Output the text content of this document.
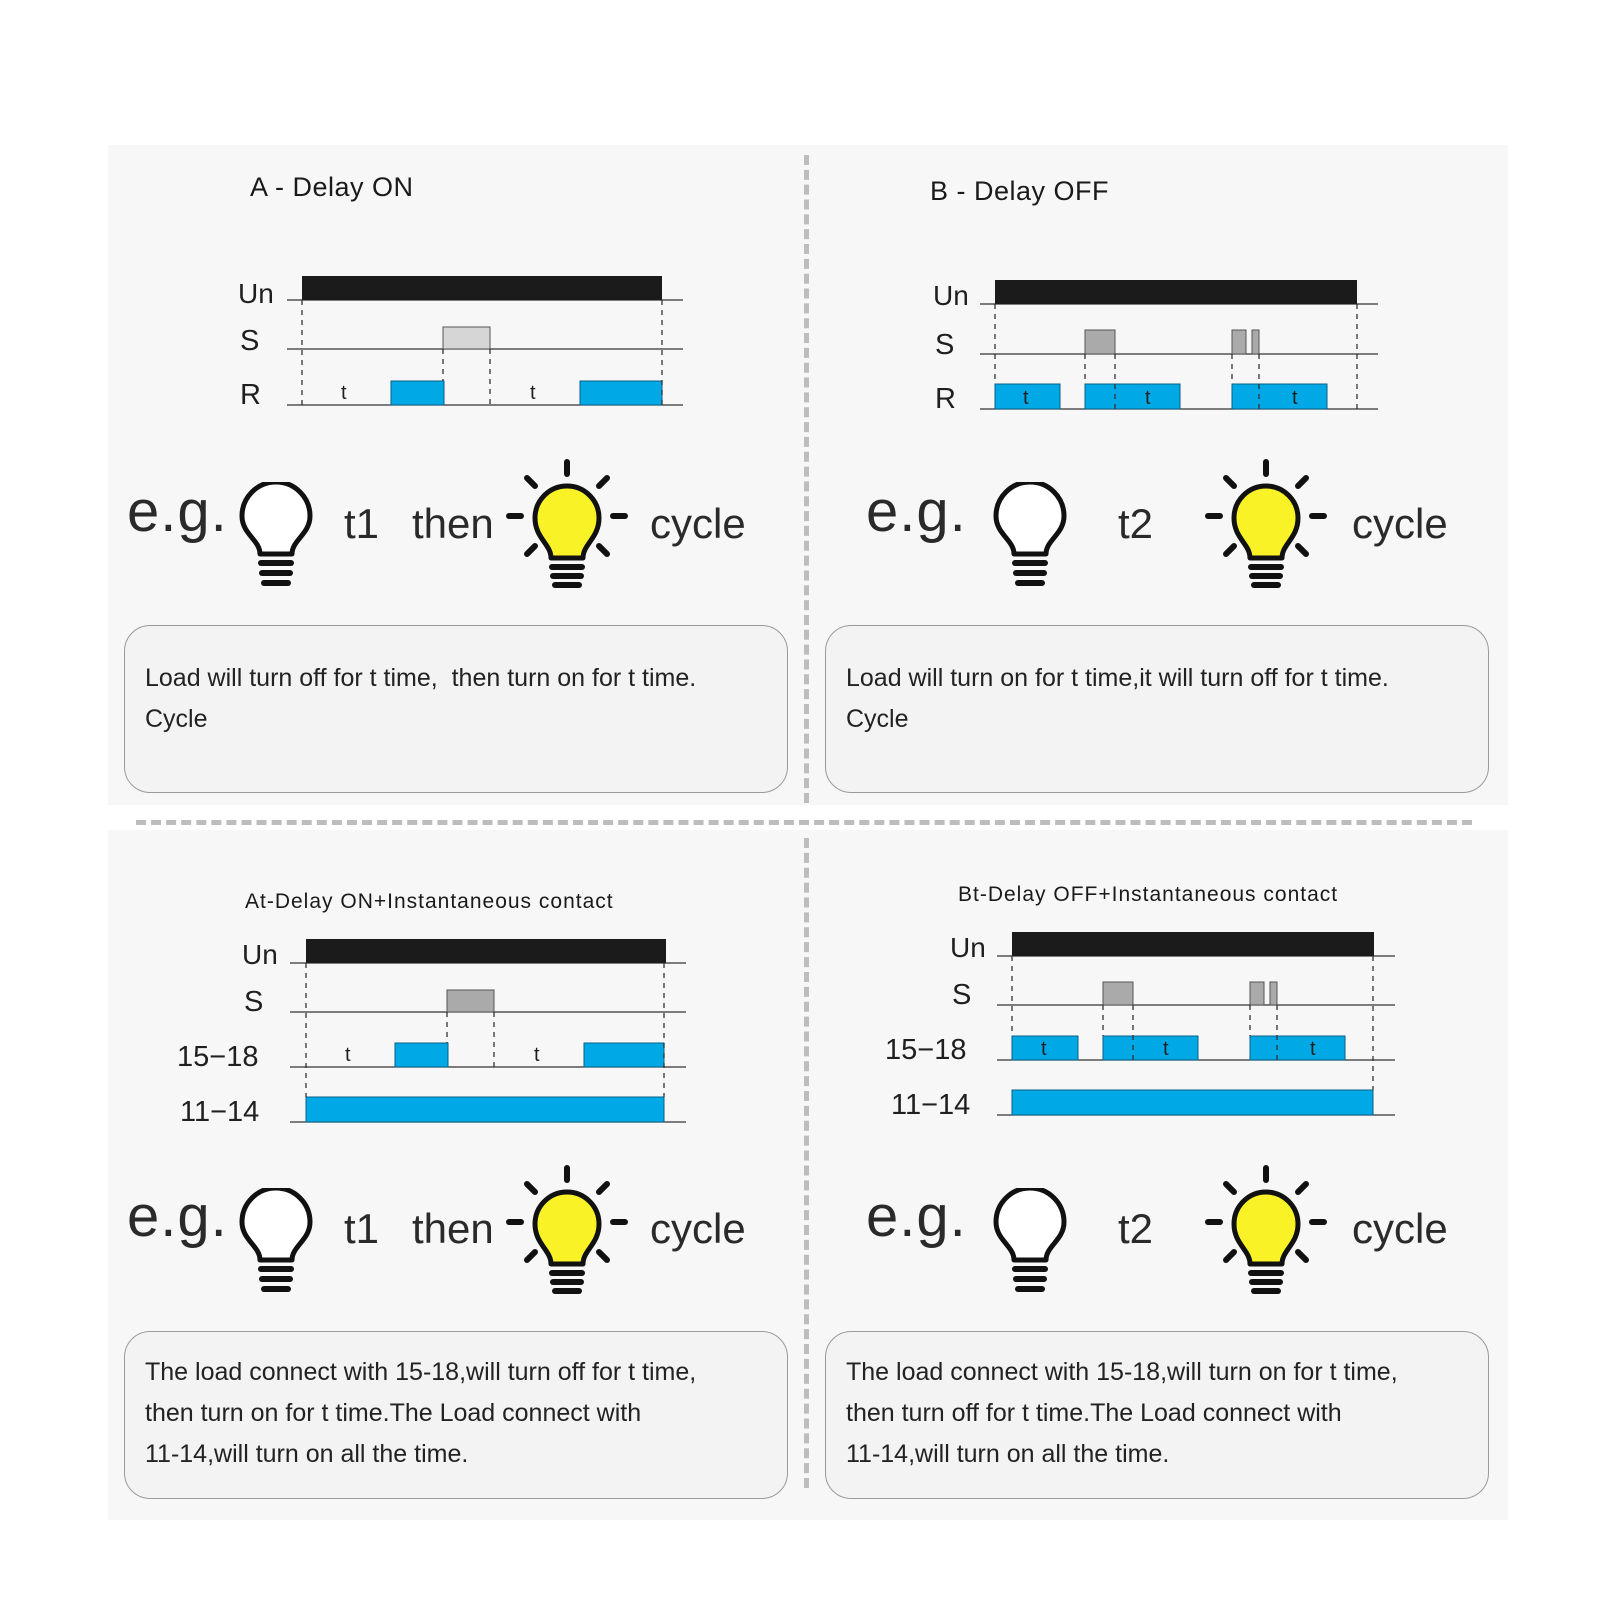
A - Delay ON	B - Delay OFF
At-Delay ON+Instantaneous contact	Bt-Delay OFF+Instantaneous contact
Un
S
R	t	t
Un
S
R	t	t	t
Un
S
15−18
11−14
t	t
Un
S
15−18
11−14
t	t	t
e.g.	t1 then	cycle e.g.	t2	cycle
e.g.	t1 then	cycle e.g.	t2	cycle

Load will turn off for t time,  then turn on for t time.

Cycle

Load will turn on for t time,it will turn off for t time.

Cycle

The load connect with 15-18,will turn off for t time,

then turn on for t time.The Load connect with

11-14,will turn on all the time.

The load connect with 15-18,will turn on for t time,

then turn off for t time.The Load connect with

11-14,will turn on all the time.
